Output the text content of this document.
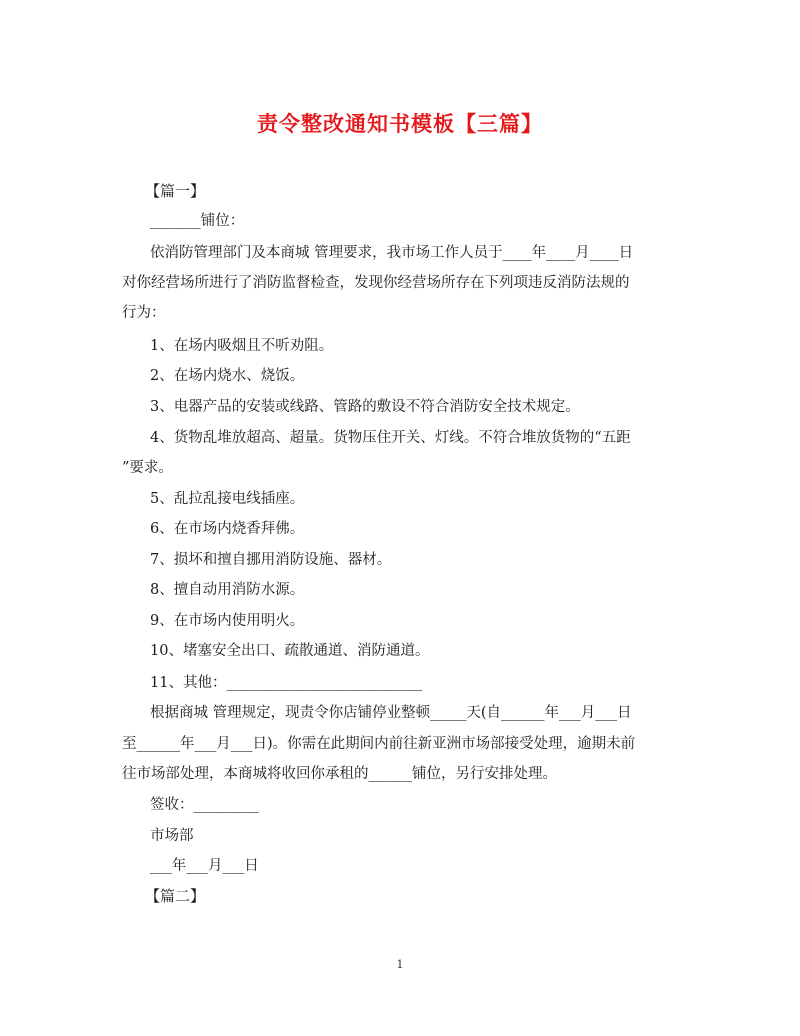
责令整改通知书模板【三篇】
【篇一】
_______铺位：
依消防管理部门及本商城 管理要求，我市场工作人员于____年____月____日
对你经营场所进行了消防监督检查，发现你经营场所存在下列项违反消防法规的
行为：
1、在场内吸烟且不听劝阻。
2、在场内烧水、烧饭。
3、电器产品的安装或线路、管路的敷设不符合消防安全技术规定。
4、货物乱堆放超高、超量。货物压住开关、灯线。不符合堆放货物的“五距
”要求。
5、乱拉乱接电线插座。
6、在市场内烧香拜佛。
7、损坏和擅自挪用消防设施、器材。
8、擅自动用消防水源。
9、在市场内使用明火。
10、堵塞安全出口、疏散通道、消防通道。
11、其他：___________________________
根据商城 管理规定，现责令你店铺停业整顿_____天(自______年___月___日
至______年___月___日)。你需在此期间内前往新亚洲市场部接受处理，逾期未前
往市场部处理，本商城将收回你承租的______铺位，另行安排处理。
签收：_________
市场部
___年___月___日
【篇二】
1
